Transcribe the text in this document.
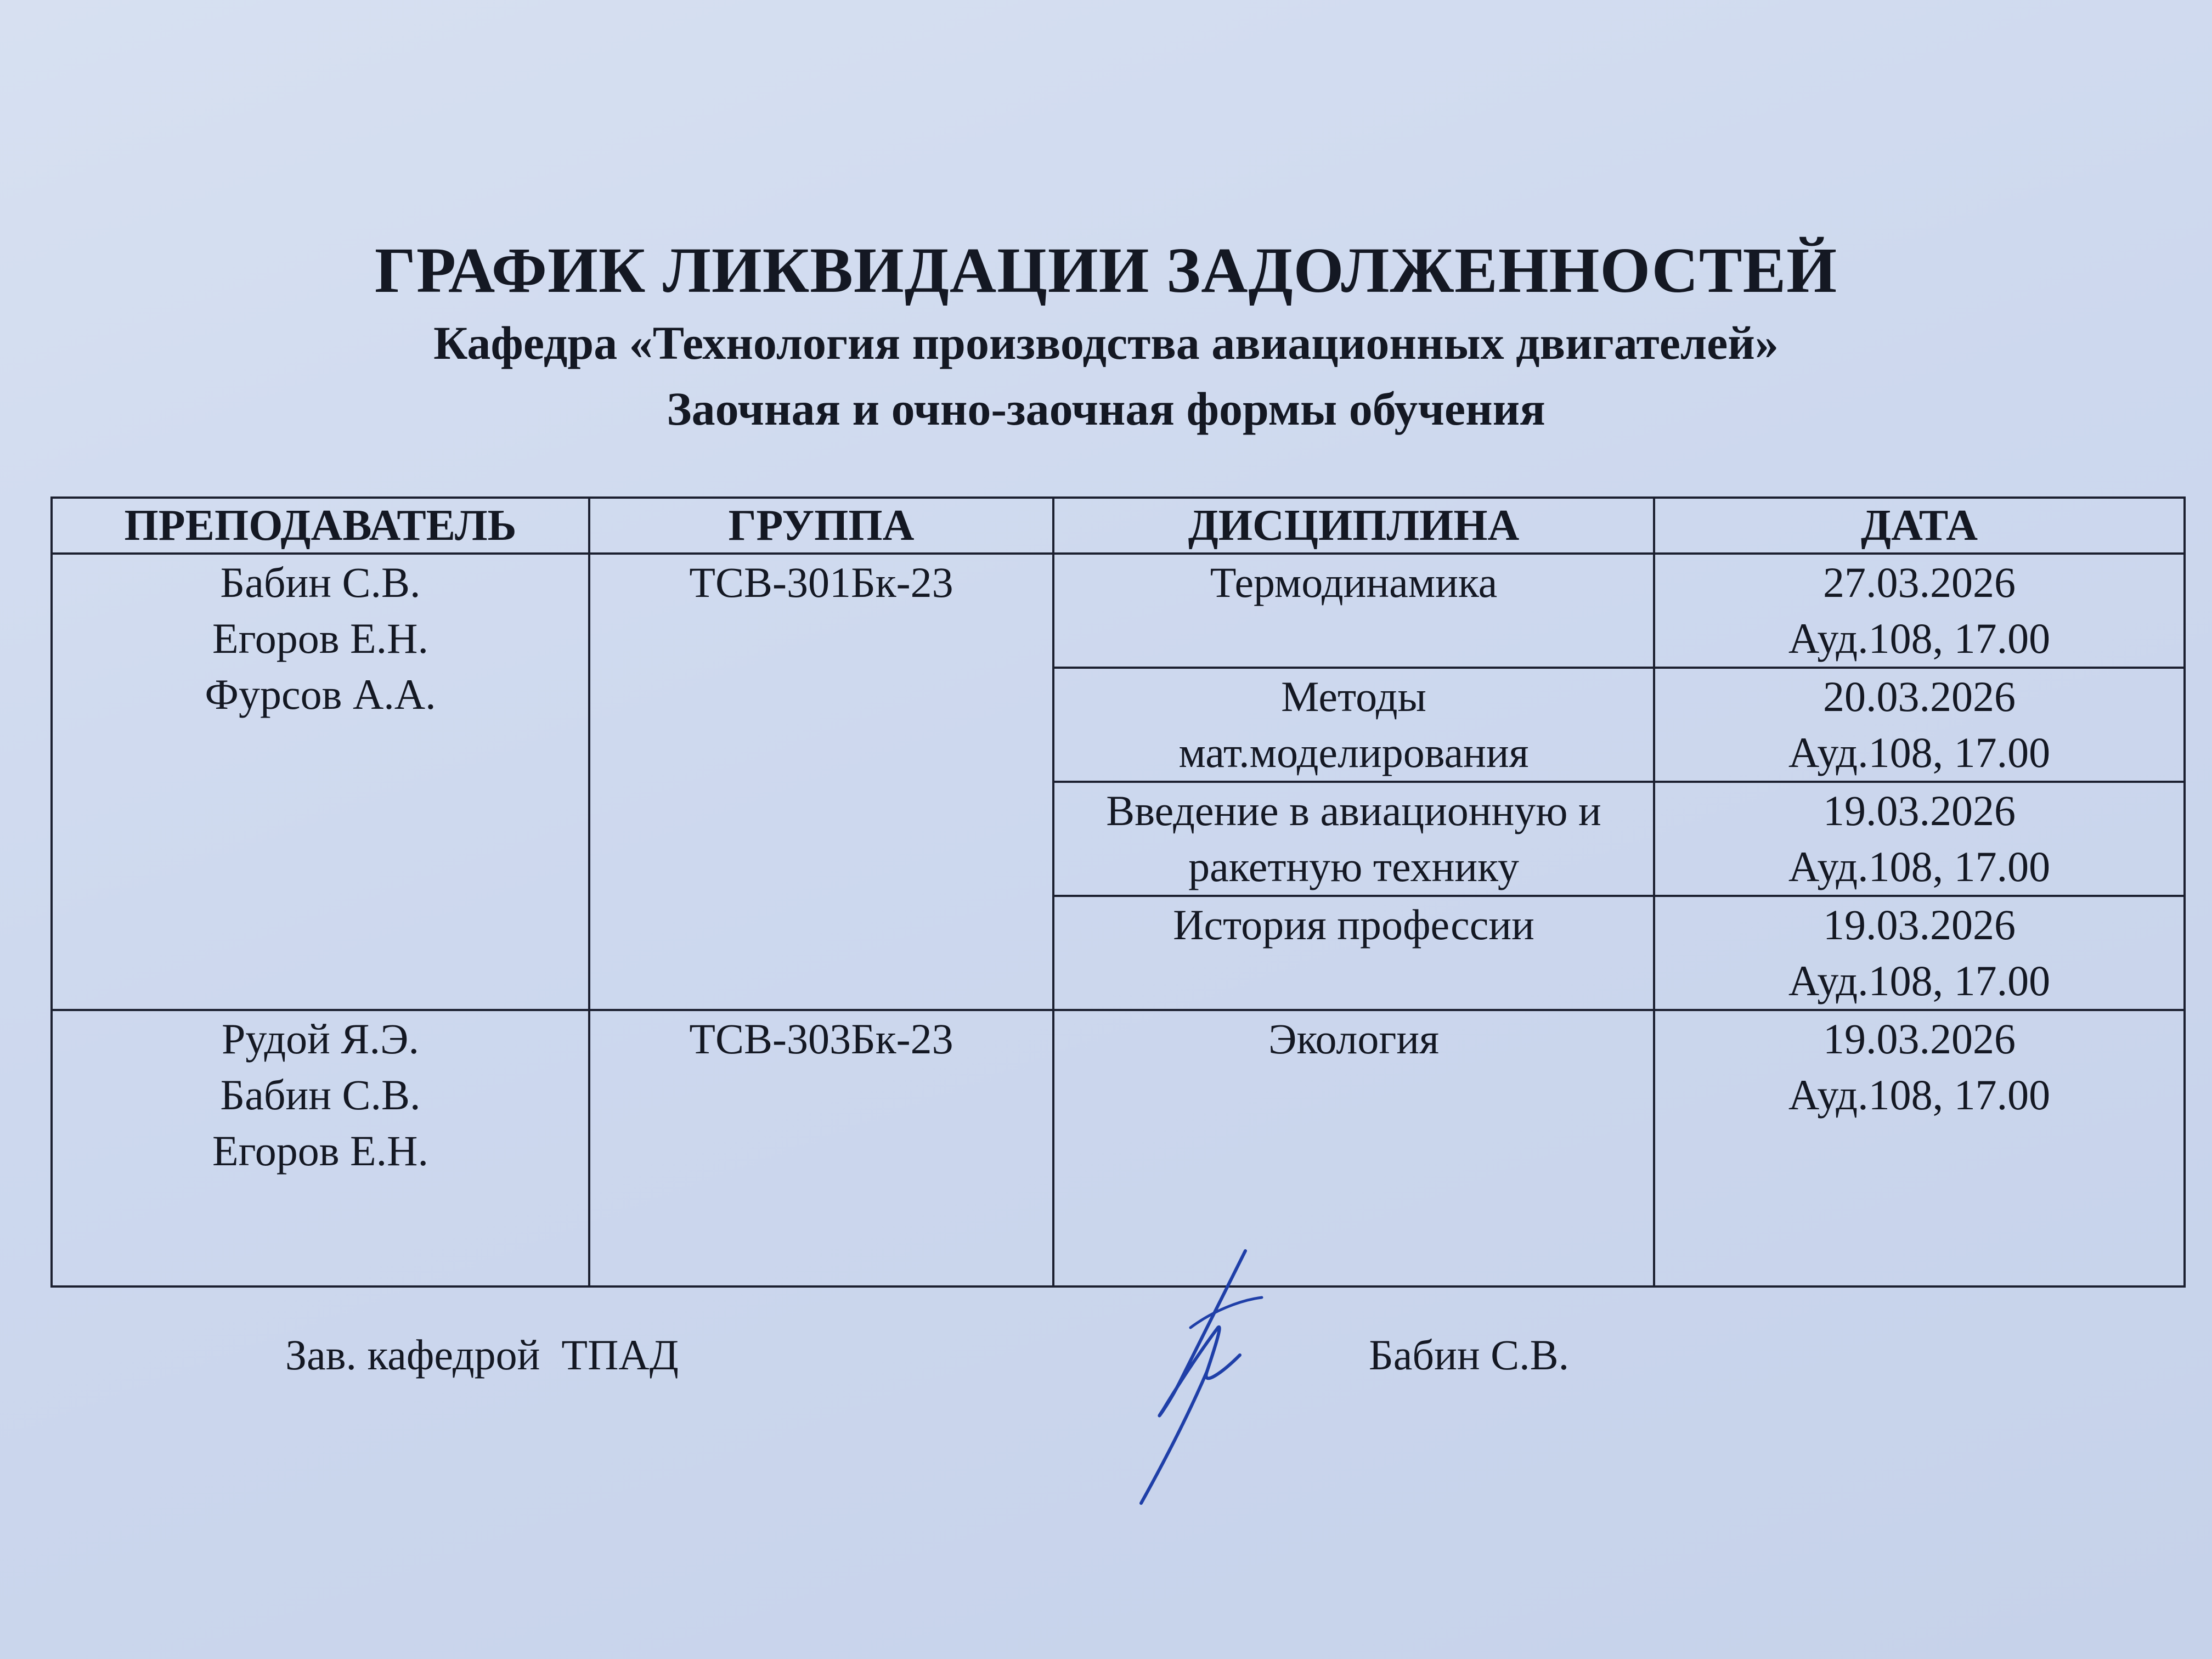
ГРАФИК ЛИКВИДАЦИИ ЗАДОЛЖЕННОСТЕЙ
Кафедра «Технология производства авиационных двигателей»
Заочная и очно-заочная формы обучения
ПРЕПОДАВАТЕЛЬ	ГРУППА	ДИСЦИПЛИНА	ДАТА

Бабин С.В.
Егоров Е.Н.
Фурсов А.А.	ТСВ-301Бк-23	Термодинамика	27.03.2026
Ауд.108, 17.00

		Методы
мат.моделирования	20.03.2026
Ауд.108, 17.00

		Введение в авиационную и
ракетную технику	19.03.2026
Ауд.108, 17.00

		История профессии	19.03.2026
Ауд.108, 17.00

Рудой Я.Э.
Бабин С.В.
Егоров Е.Н.	ТСВ-303Бк-23	Экология	19.03.2026
Ауд.108, 17.00
Зав. кафедрой  ТПАД	Бабин С.В.
